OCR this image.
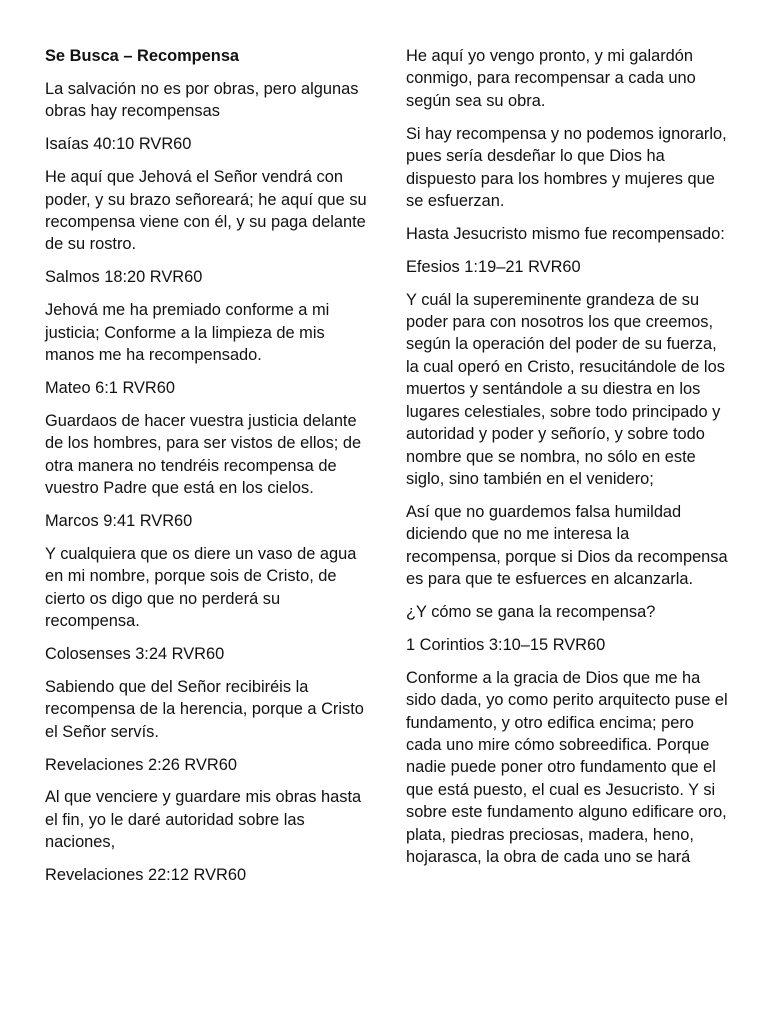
Se Busca – Recompensa

La salvación no es por obras, pero algunas obras hay recompensas

Isaías 40:10 RVR60

He aquí que Jehová el Señor vendrá con poder, y su brazo señoreará; he aquí que su recompensa viene con él, y su paga delante de su rostro.

Salmos 18:20 RVR60

Jehová me ha premiado conforme a mi justicia; Conforme a la limpieza de mis manos me ha recompensado.

Mateo 6:1 RVR60

Guardaos de hacer vuestra justicia delante de los hombres, para ser vistos de ellos; de otra manera no tendréis recompensa de vuestro Padre que está en los cielos.

Marcos 9:41 RVR60

Y cualquiera que os diere un vaso de agua en mi nombre, porque sois de Cristo, de cierto os digo que no perderá su recompensa.

Colosenses 3:24 RVR60

Sabiendo que del Señor recibiréis la recompensa de la herencia, porque a Cristo el Señor servís.

Revelaciones 2:26 RVR60

Al que venciere y guardare mis obras hasta el fin, yo le daré autoridad sobre las naciones,

Revelaciones 22:12 RVR60

He aquí yo vengo pronto, y mi galardón conmigo, para recompensar a cada uno según sea su obra.

Si hay recompensa y no podemos ignorarlo, pues sería desdeñar lo que Dios ha dispuesto para los hombres y mujeres que se esfuerzan.

Hasta Jesucristo mismo fue recompensado:

Efesios 1:19–21 RVR60

Y cuál la supereminente grandeza de su poder para con nosotros los que creemos, según la operación del poder de su fuerza, la cual operó en Cristo, resucitándole de los muertos y sentándole a su diestra en los lugares celestiales, sobre todo principado y autoridad y poder y señorío, y sobre todo nombre que se nombra, no sólo en este siglo, sino también en el venidero;

Así que no guardemos falsa humildad diciendo que no me interesa la recompensa, porque si Dios da recompensa es para que te esfuerces en alcanzarla.

¿Y cómo se gana la recompensa?

1 Corintios 3:10–15 RVR60

Conforme a la gracia de Dios que me ha sido dada, yo como perito arquitecto puse el fundamento, y otro edifica encima; pero cada uno mire cómo sobreedifica. Porque nadie puede poner otro fundamento que el que está puesto, el cual es Jesucristo. Y si sobre este fundamento alguno edificare oro, plata, piedras preciosas, madera, heno, hojarasca, la obra de cada uno se hará
